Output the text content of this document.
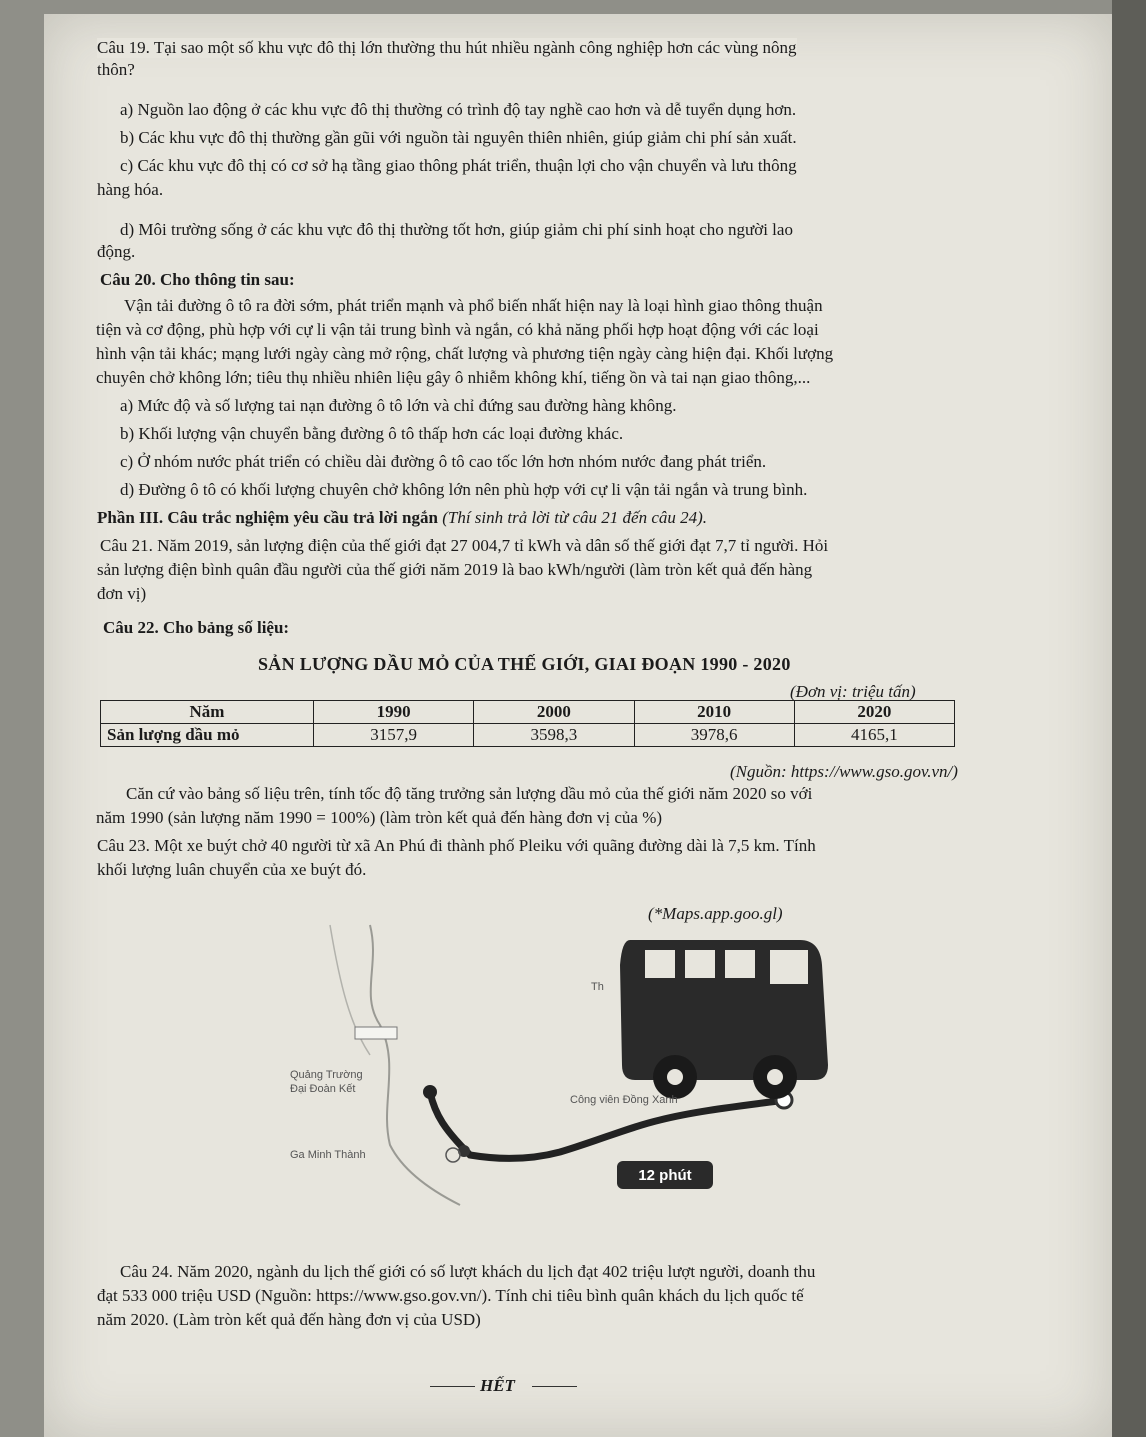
Câu 19. Tại sao một số khu vực đô thị lớn thường thu hút nhiều ngành công nghiệp hơn các vùng nông
thôn?
a) Nguồn lao động ở các khu vực đô thị thường có trình độ tay nghề cao hơn và dễ tuyển dụng hơn.
b) Các khu vực đô thị thường gần gũi với nguồn tài nguyên thiên nhiên, giúp giảm chi phí sản xuất.
c) Các khu vực đô thị có cơ sở hạ tầng giao thông phát triển, thuận lợi cho vận chuyển và lưu thông
hàng hóa.
d) Môi trường sống ở các khu vực đô thị thường tốt hơn, giúp giảm chi phí sinh hoạt cho người lao
động.
Câu 20. Cho thông tin sau:
Vận tải đường ô tô ra đời sớm, phát triển mạnh và phổ biến nhất hiện nay là loại hình giao thông thuận
tiện và cơ động, phù hợp với cự li vận tải trung bình và ngắn, có khả năng phối hợp hoạt động với các loại
hình vận tải khác; mạng lưới ngày càng mở rộng, chất lượng và phương tiện ngày càng hiện đại. Khối lượng
chuyên chở không lớn; tiêu thụ nhiều nhiên liệu gây ô nhiễm không khí, tiếng ồn và tai nạn giao thông,...
a) Mức độ và số lượng tai nạn đường ô tô lớn và chỉ đứng sau đường hàng không.
b) Khối lượng vận chuyển bằng đường ô tô thấp hơn các loại đường khác.
c) Ở nhóm nước phát triển có chiều dài đường ô tô cao tốc lớn hơn nhóm nước đang phát triển.
d) Đường ô tô có khối lượng chuyên chở không lớn nên phù hợp với cự li vận tải ngắn và trung bình.
Phần III. Câu trắc nghiệm yêu cầu trả lời ngắn (Thí sinh trả lời từ câu 21 đến câu 24).
Câu 21. Năm 2019, sản lượng điện của thế giới đạt 27 004,7 tỉ kWh và dân số thế giới đạt 7,7 tỉ người. Hỏi
sản lượng điện bình quân đầu người của thế giới năm 2019 là bao kWh/người (làm tròn kết quả đến hàng
đơn vị)
Câu 22. Cho bảng số liệu:
SẢN LƯỢNG DẦU MỎ CỦA THẾ GIỚI, GIAI ĐOẠN 1990 - 2020
(Đơn vị: triệu tấn)
Năm	1990	2000	2010	2020
Sản lượng dầu mỏ	3157,9	3598,3	3978,6	4165,1
(Nguồn: https://www.gso.gov.vn/)
Căn cứ vào bảng số liệu trên, tính tốc độ tăng trưởng sản lượng dầu mỏ của thế giới năm 2020 so với
năm 1990 (sản lượng năm 1990 = 100%) (làm tròn kết quả đến hàng đơn vị của %)
Câu 23. Một xe buýt chở 40 người từ xã An Phú đi thành phố Pleiku với quãng đường dài là 7,5 km. Tính
khối lượng luân chuyển của xe buýt đó.
(*Maps.app.goo.gl)
Th
Quảng Trường
Đại Đoàn Kết
Công viên Đồng Xanh
Ga Minh Thành
12 phút
Câu 24. Năm 2020, ngành du lịch thế giới có số lượt khách du lịch đạt 402 triệu lượt người, doanh thu
đạt 533 000 triệu USD (Nguồn: https://www.gso.gov.vn/). Tính chi tiêu bình quân khách du lịch quốc tế
năm 2020. (Làm tròn kết quả đến hàng đơn vị của USD)
HẾT
